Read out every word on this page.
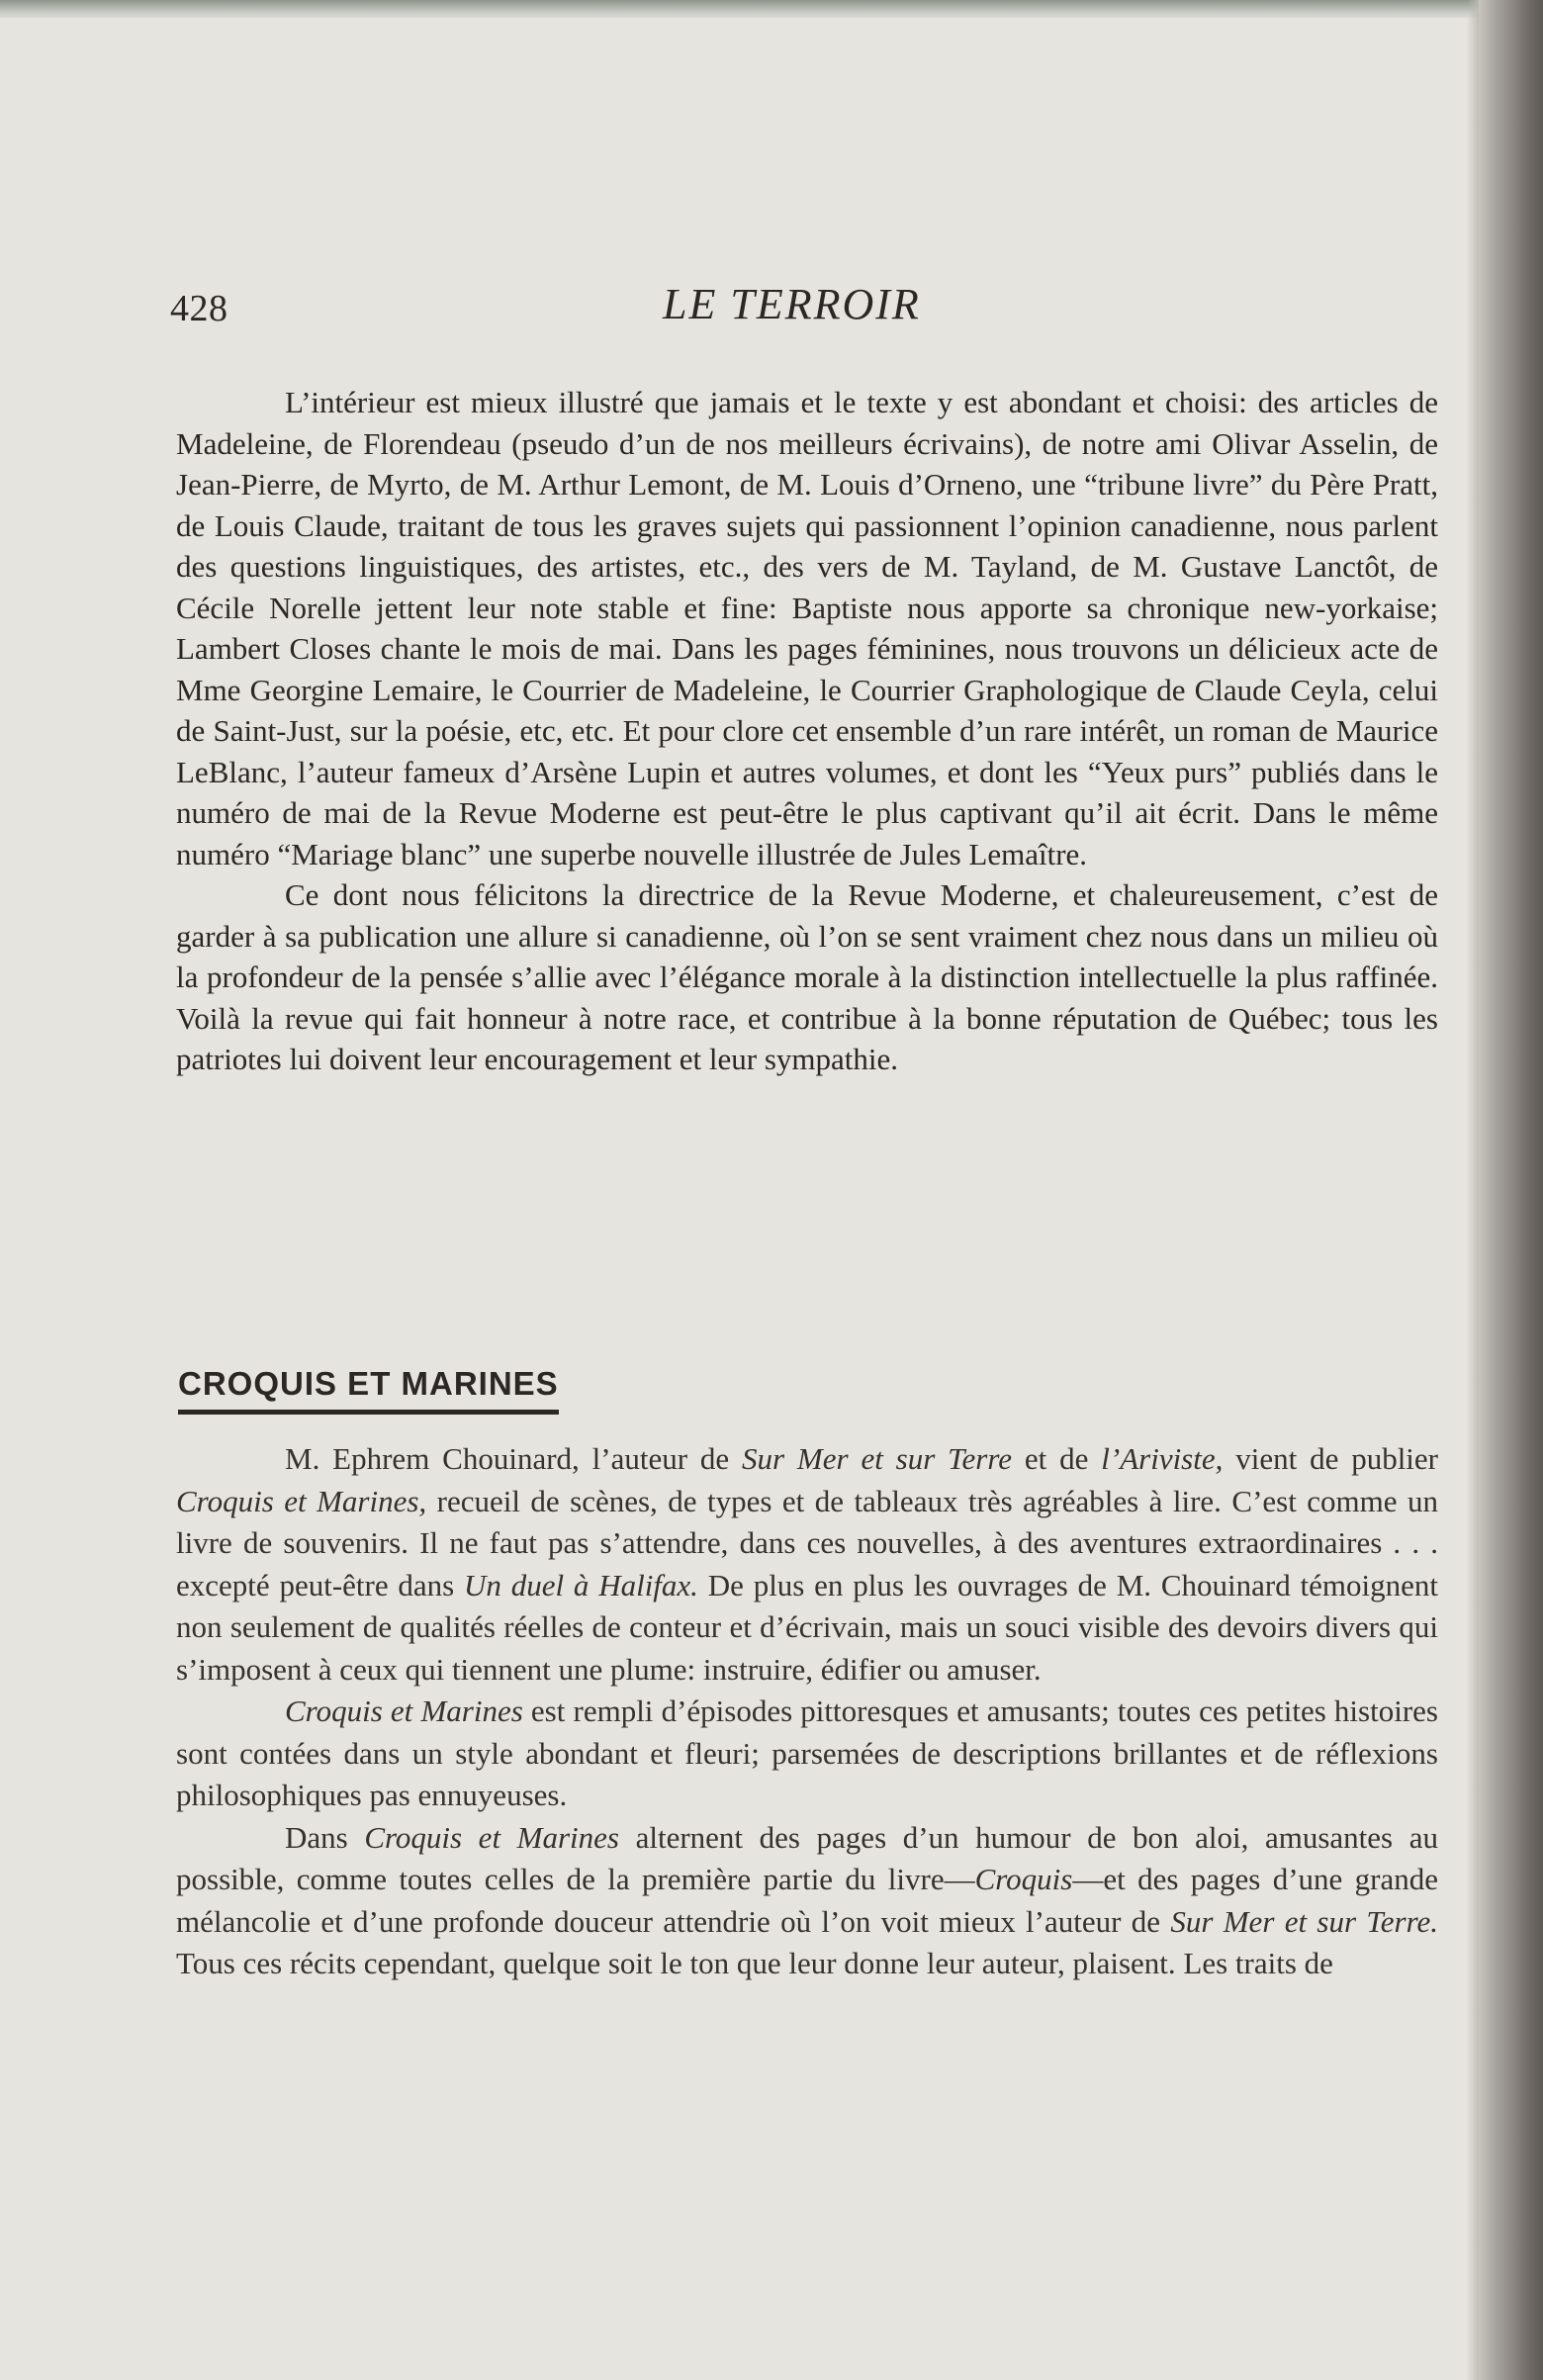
428	LE TERROIR

L’intérieur est mieux illustré que jamais et le texte y est abondant et choisi: des articles de Madeleine, de Florendeau (pseudo d’un de nos meilleurs écrivains), de notre ami Olivar Asselin, de Jean-Pierre, de Myrto, de M. Arthur Lemont, de M. Louis d’Orneno, une “tribune livre” du Père Pratt, de Louis Claude, traitant de tous les graves sujets qui passionnent l’opinion canadienne, nous parlent des questions linguistiques, des artistes, etc., des vers de M. Tayland, de M. Gustave Lanctôt, de Cécile Norelle jettent leur note stable et fine: Baptiste nous apporte sa chronique new-yorkaise; Lambert Closes chante le mois de mai. Dans les pages féminines, nous trouvons un délicieux acte de Mme Georgine Lemaire, le Courrier de Madeleine, le Courrier Graphologique de Claude Ceyla, celui de Saint-Just, sur la poésie, etc, etc. Et pour clore cet ensemble d’un rare intérêt, un roman de Maurice LeBlanc, l’auteur fameux d’Arsène Lupin et autres volumes, et dont les “Yeux purs” publiés dans le numéro de mai de la Revue Moderne est peut-être le plus captivant qu’il ait écrit. Dans le même numéro “Mariage blanc” une superbe nouvelle illustrée de Jules Lemaître.

Ce dont nous félicitons la directrice de la Revue Moderne, et chaleureusement, c’est de garder à sa publication une allure si canadienne, où l’on se sent vraiment chez nous dans un milieu où la profondeur de la pensée s’allie avec l’élégance morale à la distinction intellectuelle la plus raffinée. Voilà la revue qui fait honneur à notre race, et contribue à la bonne réputation de Québec; tous les patriotes lui doivent leur encouragement et leur sympathie.

CROQUIS ET MARINES

M. Ephrem Chouinard, l’auteur de Sur Mer et sur Terre et de l’Ariviste, vient de publier Croquis et Marines, recueil de scènes, de types et de tableaux très agréables à lire. C’est comme un livre de souvenirs. Il ne faut pas s’attendre, dans ces nouvelles, à des aventures extraordinaires . . . excepté peut-être dans Un duel à Halifax. De plus en plus les ouvrages de M. Chouinard témoignent non seulement de qualités réelles de conteur et d’écrivain, mais un souci visible des devoirs divers qui s’imposent à ceux qui tiennent une plume: instruire, édifier ou amuser.

Croquis et Marines est rempli d’épisodes pittoresques et amusants; toutes ces petites histoires sont contées dans un style abondant et fleuri; parsemées de descriptions brillantes et de réflexions philosophiques pas ennuyeuses.

Dans Croquis et Marines alternent des pages d’un humour de bon aloi, amusantes au possible, comme toutes celles de la première partie du livre—Croquis—et des pages d’une grande mélancolie et d’une profonde douceur attendrie où l’on voit mieux l’auteur de Sur Mer et sur Terre. Tous ces récits cependant, quelque soit le ton que leur donne leur auteur, plaisent. Les traits de
